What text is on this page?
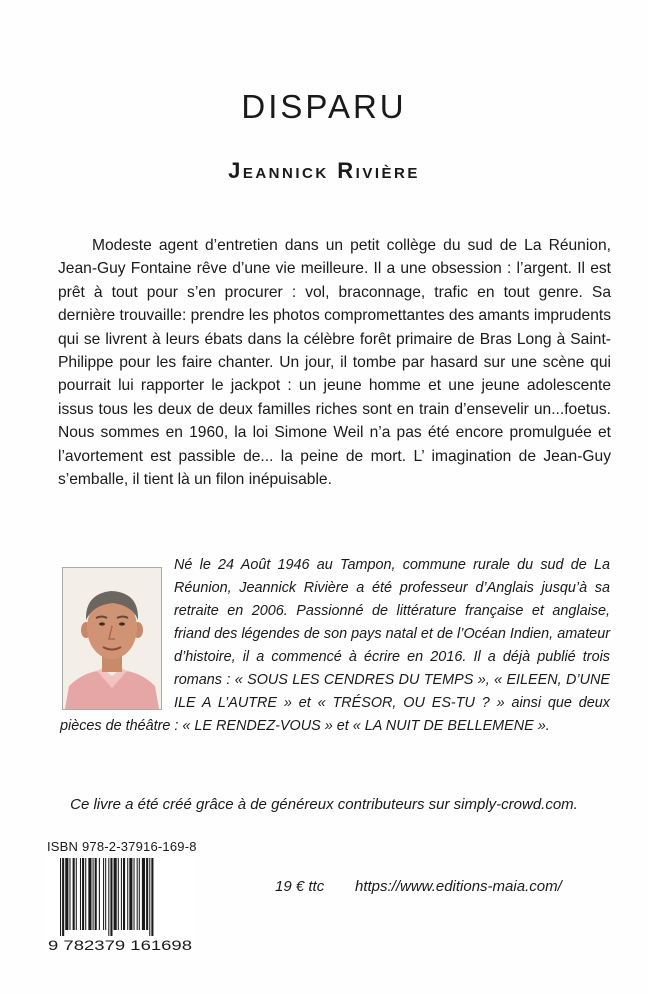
DISPARU
Jeannick Rivière

Modeste agent d’entretien dans un petit collège du sud de La Réunion, Jean-Guy Fontaine rêve d’une vie meilleure. Il a une obsession : l’argent. Il est prêt à tout pour s’en procurer : vol, braconnage, trafic en tout genre. Sa dernière trouvaille: prendre les photos compromettantes des amants imprudents qui se livrent à leurs ébats dans la célèbre forêt primaire de Bras Long à Saint-Philippe pour les faire chanter. Un jour, il tombe par hasard sur une scène qui pourrait lui rapporter le jackpot : un jeune homme et une jeune adolescente issus tous les deux de deux familles riches sont en train d’ensevelir un...foetus. Nous sommes en 1960, la loi Simone Weil n’a pas été encore promulguée et l’avortement est passible de... la peine de mort. L’ imagination de Jean-Guy s’emballe, il tient là un filon inépuisable.

Né le 24 Août 1946 au Tampon, commune rurale du sud de La Réunion, Jeannick Rivière a été professeur d’Anglais jusqu’à sa retraite en 2006. Passionné de littérature française et anglaise, friand des légendes de son pays natal et de l’Océan Indien, amateur d’histoire, il a commencé à écrire en 2016. Il a déjà publié trois romans : « SOUS LES CENDRES DU TEMPS », « EILEEN, D’UNE ILE A L’AUTRE » et « TRÉSOR, OU ES-TU ? » ainsi que deux pièces de théâtre : « LE RENDEZ-VOUS » et « LA NUIT DE BELLEMENE ».

Ce livre a été créé grâce à de généreux contributeurs sur simply-crowd.com.

ISBN 978-2-37916-169-8

9 782379 161698

19 € ttc https://www.editions-maia.com/
